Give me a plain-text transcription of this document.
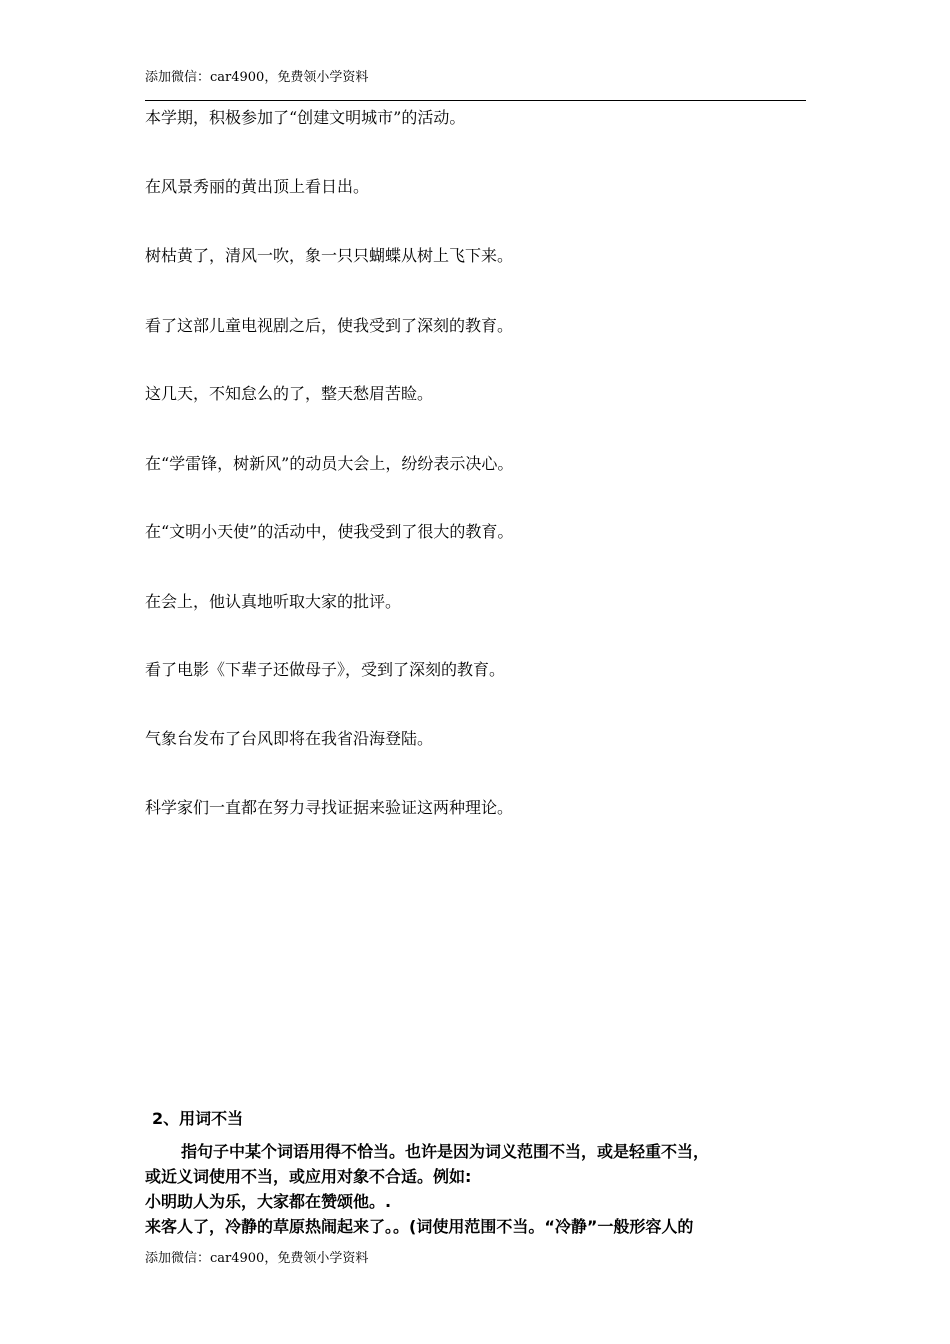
添加微信：car4900，免费领小学资料
本学期，积极参加了“创建文明城市”的活动。
在风景秀丽的黄出顶上看日出。
树枯黄了，清风一吹，象一只只蝴蝶从树上飞下来。
看了这部儿童电视剧之后，使我受到了深刻的教育。
这几天，不知怠么的了，整天愁眉苦睑。
在“学雷锋，树新风”的动员大会上，纷纷表示决心。
在“文明小天使”的活动中，使我受到了很大的教育。
在会上，他认真地听取大家的批评。
看了电影《下辈子还做母子》，受到了深刻的教育。
气象台发布了台风即将在我省沿海登陆。
科学家们一直都在努力寻找证据来验证这两种理论。
2、用词不当
指句子中某个词语用得不恰当。也许是因为词义范围不当，或是轻重不当，
或近义词使用不当，或应用对象不合适。例如:
小明助人为乐，大家都在赞颂他。.
来客人了，冷静的草原热闹起来了。。(词使用范围不当。“冷静”一般形容人的
添加微信：car4900，免费领小学资料
